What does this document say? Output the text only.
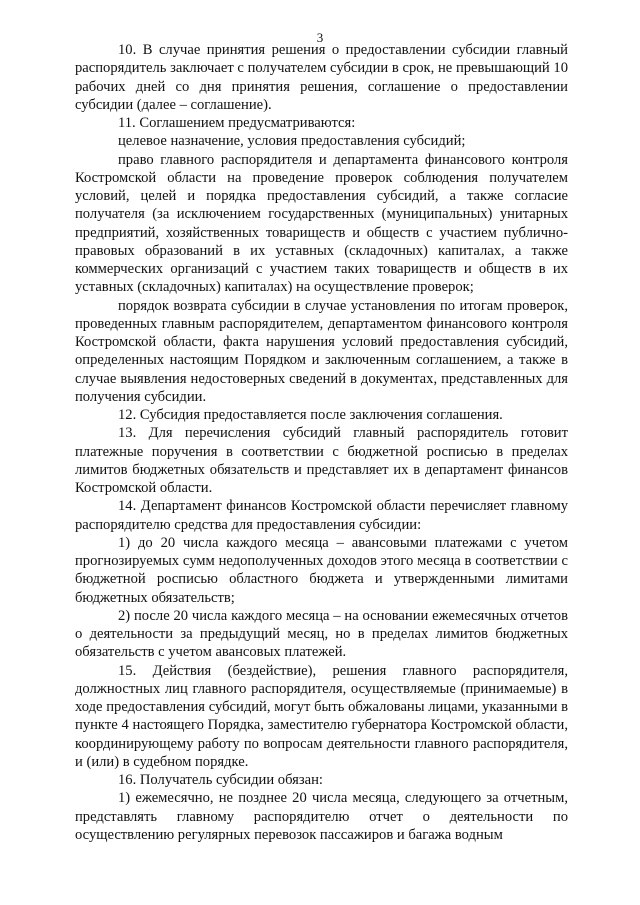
3

10. В случае принятия решения о предоставлении субсидии главный распорядитель заключает с получателем субсидии в срок, не превышающий 10 рабочих дней со дня принятия решения, соглашение о предоставлении субсидии (далее – соглашение).

11. Соглашением предусматриваются:

целевое назначение, условия предоставления субсидий;

право главного распорядителя и департамента финансового контроля Костромской области на проведение проверок соблюдения получателем условий, целей и порядка предоставления субсидий, а также согласие получателя (за исключением государственных (муниципальных) унитарных предприятий, хозяйственных товариществ и обществ с участием публично-правовых образований в их уставных (складочных) капиталах, а также коммерческих организаций с участием таких товариществ и обществ в их уставных (складочных) капиталах) на осуществление проверок;

порядок возврата субсидии в случае установления по итогам проверок, проведенных главным распорядителем, департаментом финансового контроля Костромской области, факта нарушения условий предоставления субсидий, определенных настоящим Порядком и заключенным соглашением, а также в случае выявления недостоверных сведений в документах, представленных для получения субсидии.

12. Субсидия предоставляется после заключения соглашения.

13. Для перечисления субсидий главный распорядитель готовит платежные поручения в соответствии с бюджетной росписью в пределах лимитов бюджетных обязательств и представляет их в департамент финансов Костромской области.

14. Департамент финансов Костромской области перечисляет главному распорядителю средства для предоставления субсидии:

1) до 20 числа каждого месяца – авансовыми платежами с учетом прогнозируемых сумм недополученных доходов этого месяца в соответствии с бюджетной росписью областного бюджета и утвержденными лимитами бюджетных обязательств;

2) после 20 числа каждого месяца – на основании ежемесячных отчетов о деятельности за предыдущий месяц, но в пределах лимитов бюджетных обязательств с учетом авансовых платежей.

15. Действия (бездействие), решения главного распорядителя, должностных лиц главного распорядителя, осуществляемые (принимаемые) в ходе предоставления субсидий, могут быть обжалованы лицами, указанными в пункте 4 настоящего Порядка, заместителю губернатора Костромской области, координирующему работу по вопросам деятельности главного распорядителя, и (или) в судебном порядке.

16. Получатель субсидии обязан:

1) ежемесячно, не позднее 20 числа месяца, следующего за отчетным, представлять главному распорядителю отчет о деятельности по осуществлению регулярных перевозок пассажиров и багажа водным
